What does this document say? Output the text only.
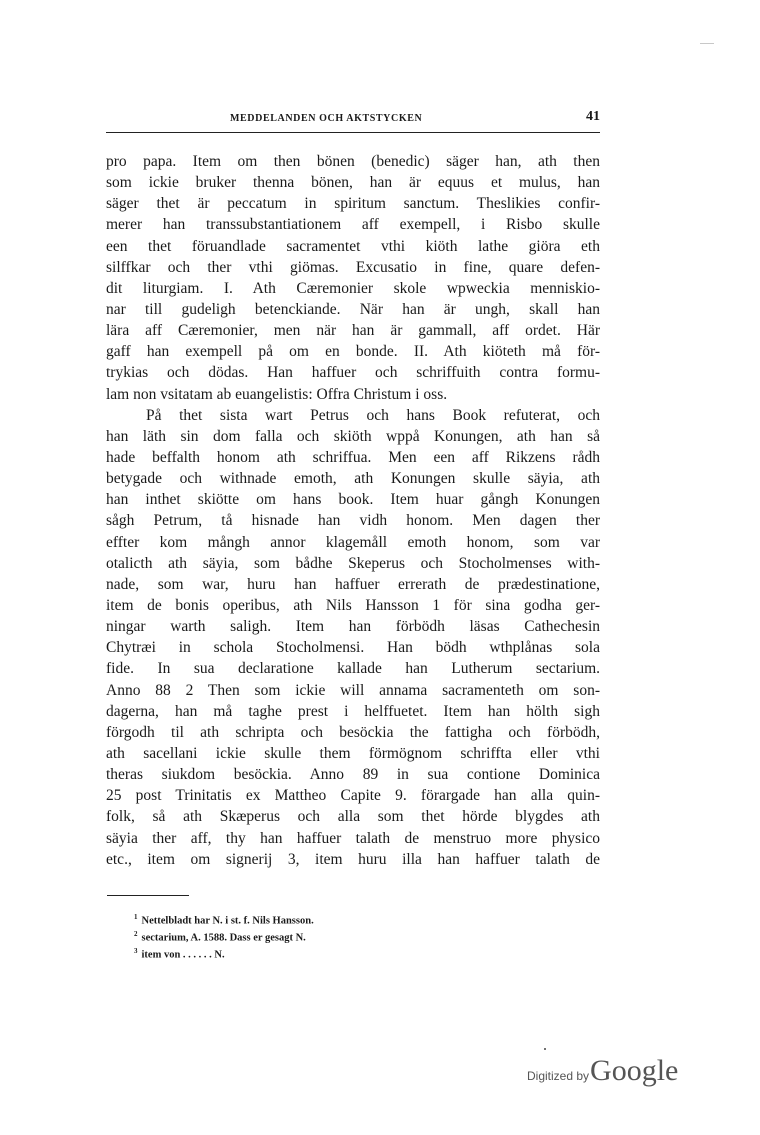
MEDDELANDEN OCH AKTSTYCKEN	41
pro papa. Item om then bönen (benedic) säger han, ath then
som ickie bruker thenna bönen, han är equus et mulus, han
säger thet är peccatum in spiritum sanctum. Theslikies confir-
merer han transsubstantiationem aff exempell, i Risbo skulle
een thet föruandlade sacramentet vthi kiöth lathe giöra eth
silffkar och ther vthi giömas. Excusatio in fine, quare defen-
dit liturgiam. I. Ath Cæremonier skole wpweckia menniskio-
nar till gudeligh betenckiande. När han är ungh, skall han
lära aff Cæremonier, men när han är gammall, aff ordet. Här
gaff han exempell på om en bonde. II. Ath kiöteth må för-
trykias och dödas. Han haffuer och schriffuith contra formu-
lam non vsitatam ab euangelistis: Offra Christum i oss.
På thet sista wart Petrus och hans Book refuterat, och
han läth sin dom falla och skiöth wppå Konungen, ath han så
hade beffalth honom ath schriffua. Men een aff Rikzens rådh
betygade och withnade emoth, ath Konungen skulle säyia, ath
han inthet skiötte om hans book. Item huar gångh Konungen
sågh Petrum, tå hisnade han vidh honom. Men dagen ther
effter kom mångh annor klagemåll emoth honom, som var
otalicth ath säyia, som bådhe Skeperus och Stocholmenses with-
nade, som war, huru han haffuer errerath de prædestinatione,
item de bonis operibus, ath Nils Hansson 1 för sina godha ger-
ningar warth saligh. Item han förbödh läsas Cathechesin
Chytræi in schola Stocholmensi. Han bödh wthplånas sola
fide. In sua declaratione kallade han Lutherum sectarium.
Anno 88 2 Then som ickie will annama sacramenteth om son-
dagerna, han må taghe prest i helffuetet. Item han hölth sigh
förgodh til ath schripta och besöckia the fattigha och förbödh,
ath sacellani ickie skulle them förmögnom schriffta eller vthi
theras siukdom besöckia. Anno 89 in sua contione Dominica
25 post Trinitatis ex Mattheo Capite 9. förargade han alla quin-
folk, så ath Skæperus och alla som thet hörde blygdes ath
säyia ther aff, thy han haffuer talath de menstruo more physico
etc., item om signerij 3, item huru illa han haffuer talath de
$^1$ Nettelbladt har N. i st. f. Nils Hansson.
$^2$ sectarium, A. 1588. Dass er gesagt N.
$^3$ item von . . . . . . N.
Digitized byGoogle
